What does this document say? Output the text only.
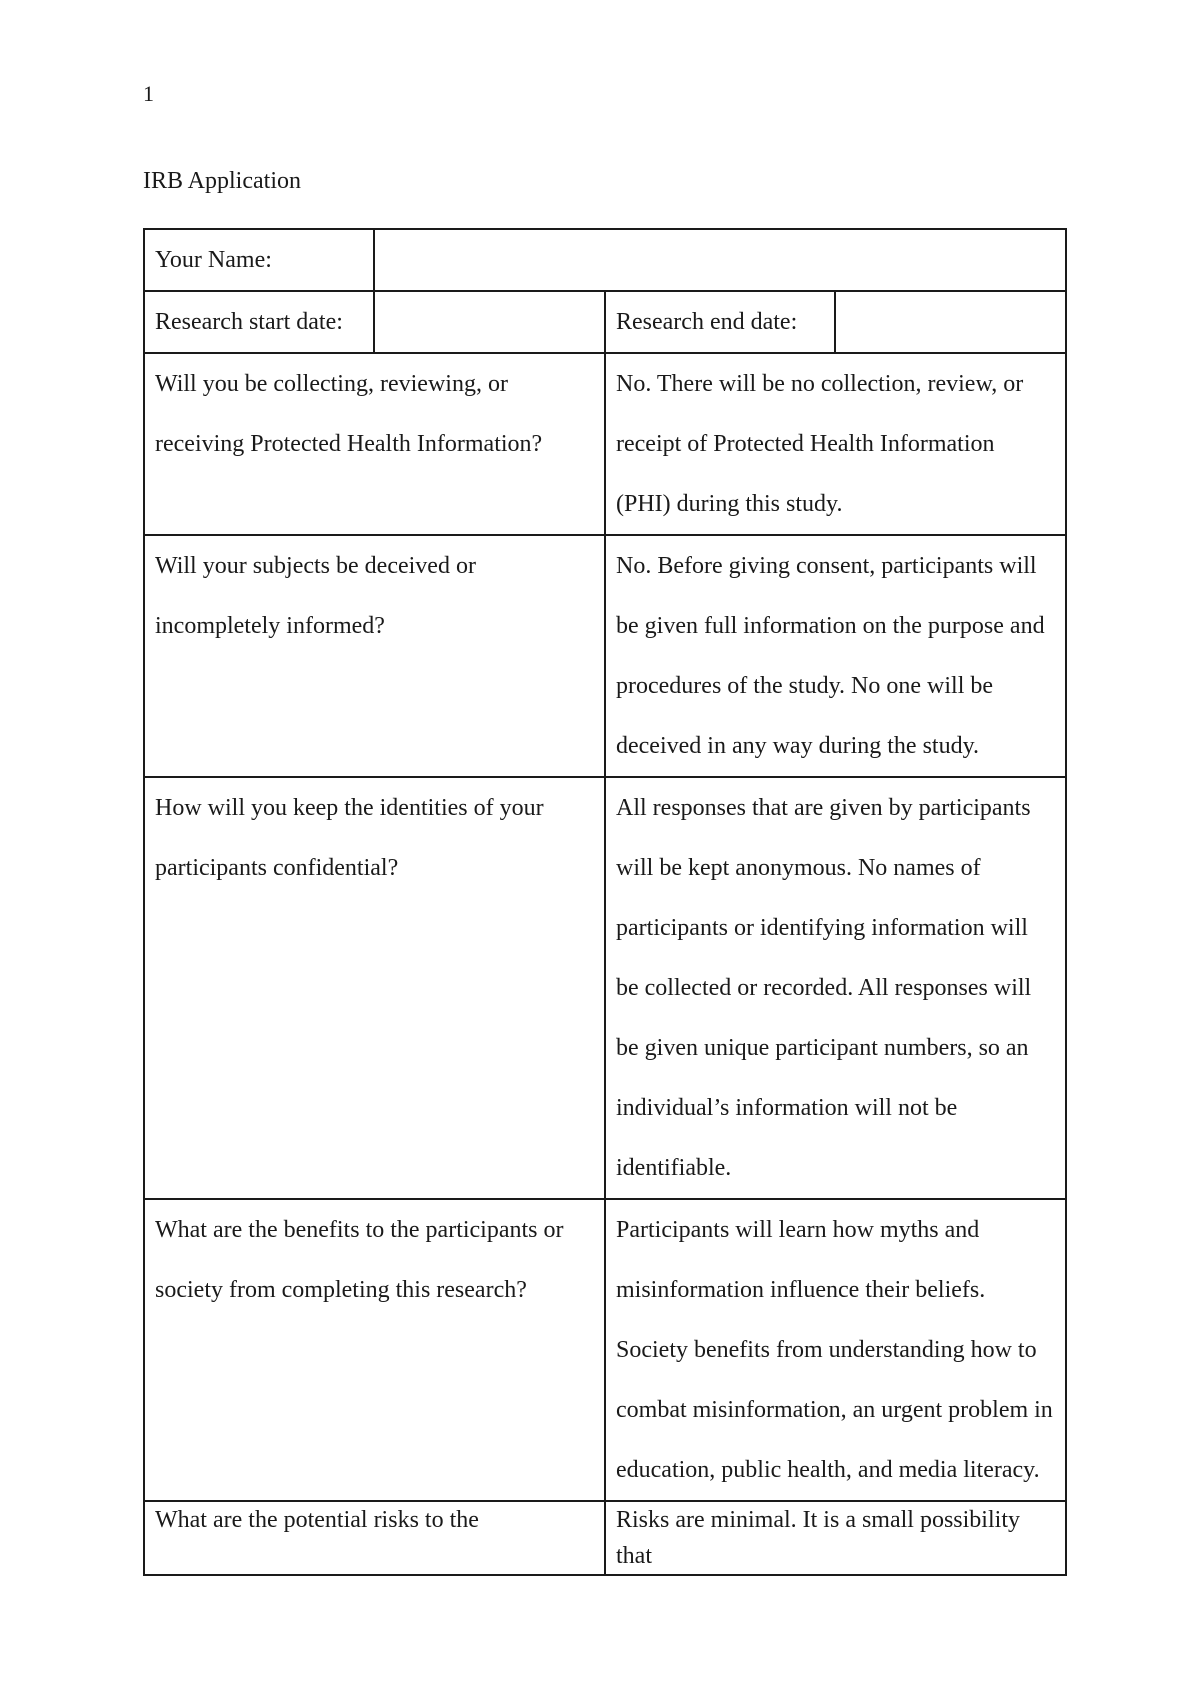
1
IRB Application
Your Name:			
Research start date:		Research end date:	
Will you be collecting, reviewing, or receiving Protected Health Information?		No. There will be no collection, review, or receipt of Protected Health Information (PHI) during this study.	
Will your subjects be deceived or incompletely informed?		No. Before giving consent, participants will be given full information on the purpose and procedures of the study. No one will be deceived in any way during the study.	
How will you keep the identities of your participants confidential?		All responses that are given by participants will be kept anonymous. No names of participants or identifying information will be collected or recorded. All responses will be given unique participant numbers, so an individual’s information will not be identifiable.	
What are the benefits to the participants or society from completing this research?		Participants will learn how myths and misinformation influence their beliefs. Society benefits from understanding how to combat misinformation, an urgent problem in education, public health, and media literacy.	
What are the potential risks to the		Risks are minimal. It is a small possibility that	
